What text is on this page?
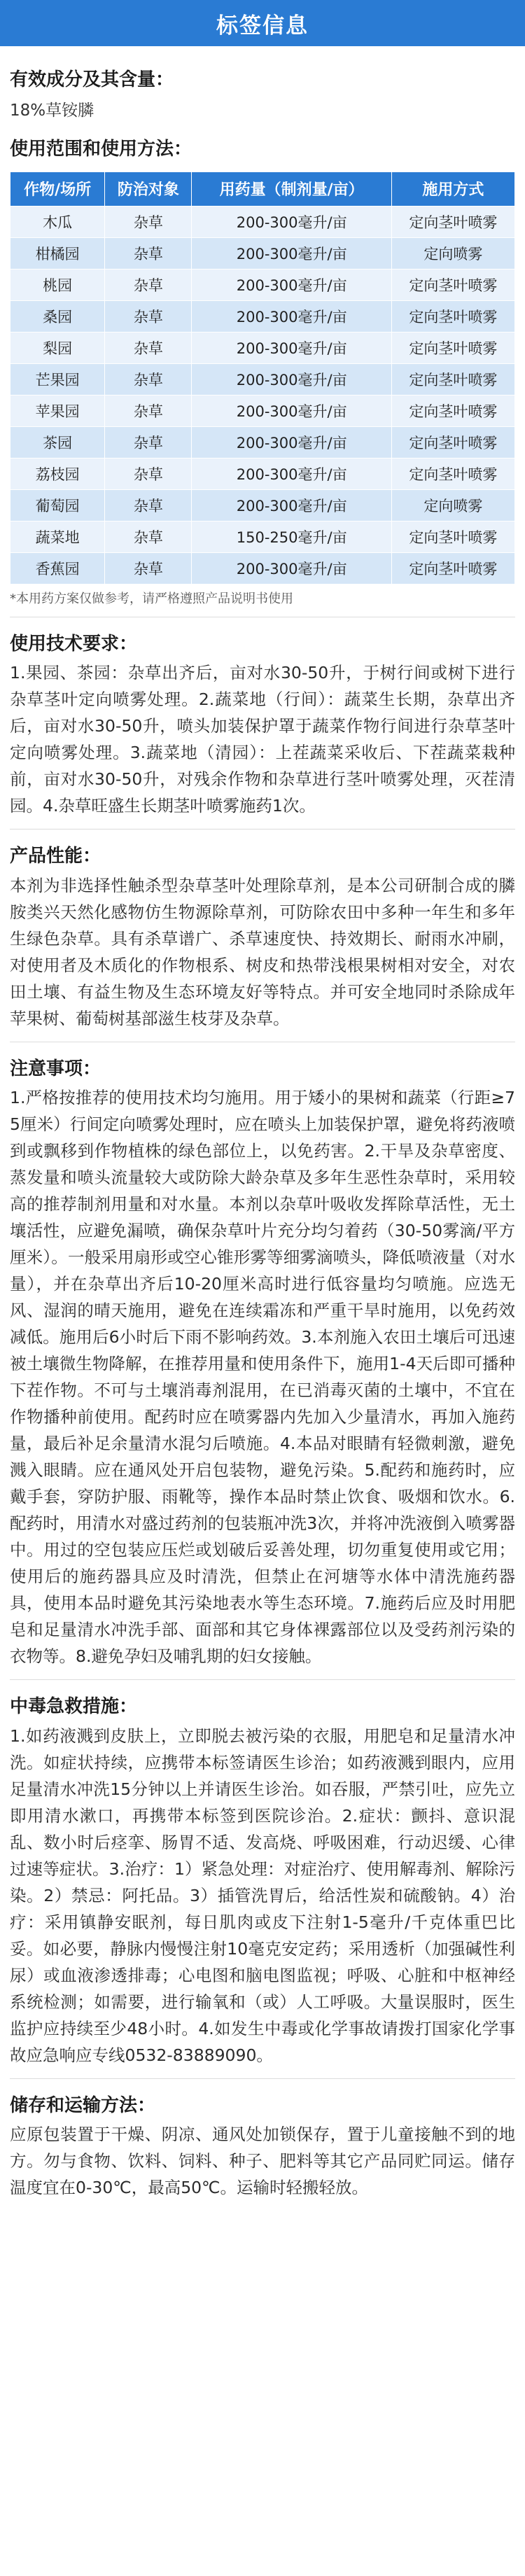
标签信息
有效成分及其含量：
18%草铵膦
使用范围和使用方法：
作物/场所	防治对象	用药量（制剂量/亩）	施用方式
木瓜	杂草	200-300毫升/亩	定向茎叶喷雾
柑橘园	杂草	200-300毫升/亩	定向喷雾
桃园	杂草	200-300毫升/亩	定向茎叶喷雾
桑园	杂草	200-300毫升/亩	定向茎叶喷雾
梨园	杂草	200-300毫升/亩	定向茎叶喷雾
芒果园	杂草	200-300毫升/亩	定向茎叶喷雾
苹果园	杂草	200-300毫升/亩	定向茎叶喷雾
茶园	杂草	200-300毫升/亩	定向茎叶喷雾
荔枝园	杂草	200-300毫升/亩	定向茎叶喷雾
葡萄园	杂草	200-300毫升/亩	定向喷雾
蔬菜地	杂草	150-250毫升/亩	定向茎叶喷雾
香蕉园	杂草	200-300毫升/亩	定向茎叶喷雾
*本用药方案仅做参考，请严格遵照产品说明书使用
使用技术要求：
1.果园、茶园：杂草出齐后，亩对水30-50升，于树行间或树下进行杂草茎叶定向喷雾处理。2.蔬菜地（行间）：蔬菜生长期，杂草出齐后，亩对水30-50升，喷头加装保护罩于蔬菜作物行间进行杂草茎叶定向喷雾处理。3.蔬菜地（清园）：上茬蔬菜采收后、下茬蔬菜栽种前，亩对水30-50升，对残余作物和杂草进行茎叶喷雾处理，灭茬清园。4.杂草旺盛生长期茎叶喷雾施药1次。
产品性能：
本剂为非选择性触杀型杂草茎叶处理除草剂，是本公司研制合成的膦胺类兴天然化感物仿生物源除草剂，可防除农田中多种一年生和多年生绿色杂草。具有杀草谱广、杀草速度快、持效期长、耐雨水冲刷，对使用者及木质化的作物根系、树皮和热带浅根果树相对安全，对农田土壤、有益生物及生态环境友好等特点。并可安全地同时杀除成年苹果树、葡萄树基部滋生枝芽及杂草。
注意事项：
1.严格按推荐的使用技术均匀施用。用于矮小的果树和蔬菜（行距≥75厘米）行间定向喷雾处理时，应在喷头上加装保护罩，避免将药液喷到或飘移到作物植株的绿色部位上，以免药害。2.干旱及杂草密度、蒸发量和喷头流量较大或防除大龄杂草及多年生恶性杂草时，采用较高的推荐制剂用量和对水量。本剂以杂草叶吸收发挥除草活性，无土壤活性，应避免漏喷，确保杂草叶片充分均匀着药（30-50雾滴/平方厘米）。一般采用扇形或空心锥形雾等细雾滴喷头，降低喷液量（对水量），并在杂草出齐后10-20厘米高时进行低容量均匀喷施。应选无风、湿润的晴天施用，避免在连续霜冻和严重干旱时施用，以免药效减低。施用后6小时后下雨不影响药效。3.本剂施入农田土壤后可迅速被土壤微生物降解，在推荐用量和使用条件下，施用1-4天后即可播种下茬作物。不可与土壤消毒剂混用，在已消毒灭菌的土壤中，不宜在作物播种前使用。配药时应在喷雾器内先加入少量清水，再加入施药量，最后补足余量清水混匀后喷施。4.本品对眼睛有轻微刺激，避免溅入眼睛。应在通风处开启包装物，避免污染。5.配药和施药时，应戴手套，穿防护服、雨靴等，操作本品时禁止饮食、吸烟和饮水。6.配药时，用清水对盛过药剂的包装瓶冲洗3次，并将冲洗液倒入喷雾器中。用过的空包装应压烂或划破后妥善处理，切勿重复使用或它用；使用后的施药器具应及时清洗，但禁止在河塘等水体中清洗施药器具，使用本品时避免其污染地表水等生态环境。7.施药后应及时用肥皂和足量清水冲洗手部、面部和其它身体裸露部位以及受药剂污染的衣物等。8.避免孕妇及哺乳期的妇女接触。
中毒急救措施：
1.如药液溅到皮肤上，立即脱去被污染的衣服，用肥皂和足量清水冲洗。如症状持续，应携带本标签请医生诊治；如药液溅到眼内，应用足量清水冲洗15分钟以上并请医生诊治。如吞服，严禁引吐，应先立即用清水漱口，再携带本标签到医院诊治。2.症状：颤抖、意识混乱、数小时后痉挛、肠胃不适、发高烧、呼吸困难，行动迟缓、心律过速等症状。3.治疗：1）紧急处理：对症治疗、使用解毒剂、解除污染。2）禁忌：阿托品。3）插管洗胃后，给活性炭和硫酸钠。4）治疗：采用镇静安眠剂，每日肌肉或皮下注射1-5毫升/千克体重巴比妥。如必要，静脉内慢慢注射10毫克安定药；采用透析（加强碱性利尿）或血液渗透排毒；心电图和脑电图监视；呼吸、心脏和中枢神经系统检测；如需要，进行输氧和（或）人工呼吸。大量误服时，医生监护应持续至少48小时。4.如发生中毒或化学事故请拨打国家化学事故应急响应专线0532-83889090。
储存和运输方法：
应原包装置于干燥、阴凉、通风处加锁保存，置于儿童接触不到的地方。勿与食物、饮料、饲料、种子、肥料等其它产品同贮同运。储存温度宜在0-30℃，最高50℃。运输时轻搬轻放。
